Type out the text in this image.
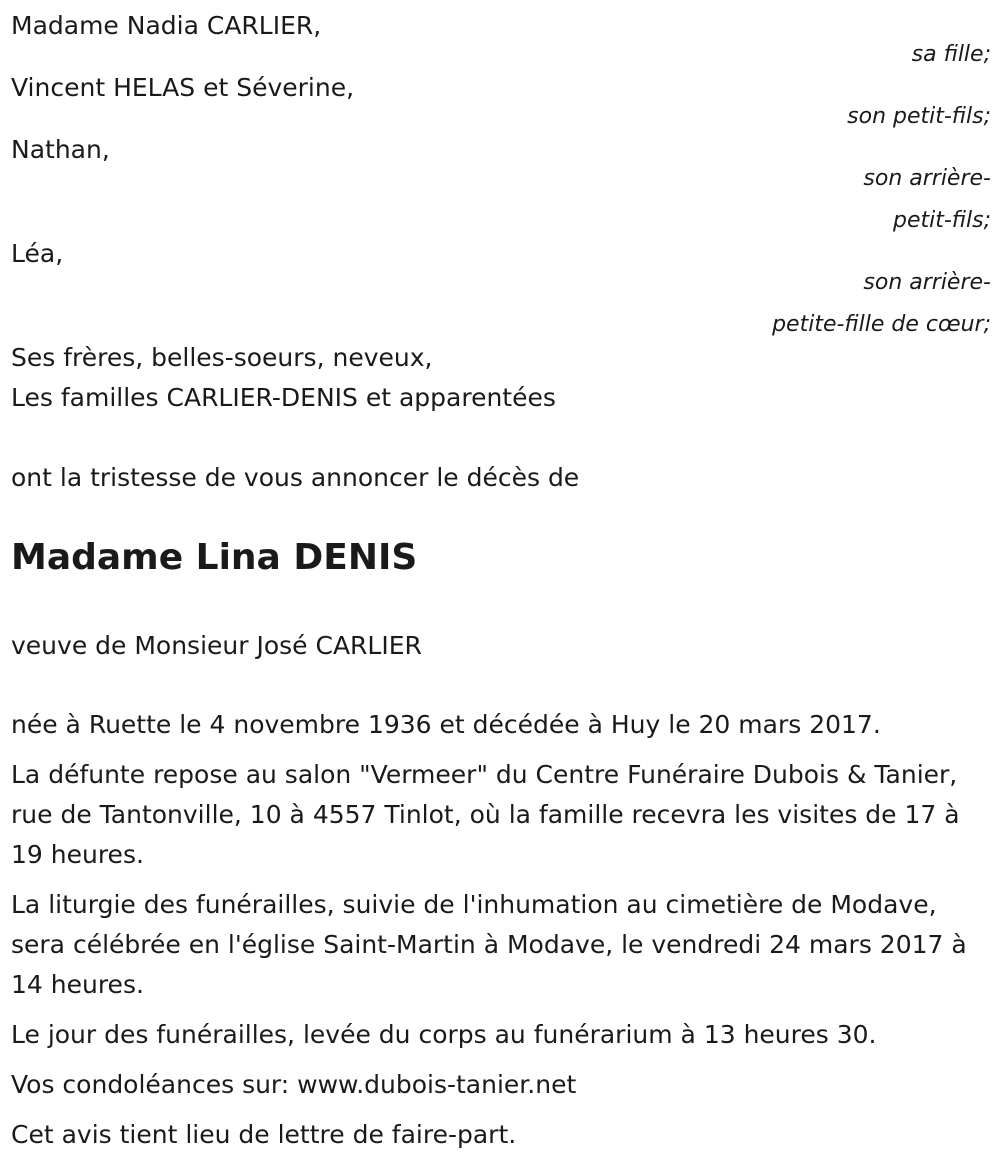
Madame Nadia CARLIER,

sa fille;

Vincent HELAS et Séverine,

son petit-fils;

Nathan,

son arrière-
petit-fils;

Léa,

son arrière-
petite-fille de cœur;

Ses frères, belles-soeurs, neveux,

Les familles CARLIER-DENIS et apparentées

ont la tristesse de vous annoncer le décès de

Madame Lina DENIS

veuve de Monsieur José CARLIER

née à Ruette le 4 novembre 1936 et décédée à Huy le 20 mars 2017.

La défunte repose au salon "Vermeer" du Centre Funéraire Dubois & Tanier, rue de Tantonville, 10 à 4557 Tinlot, où la famille recevra les visites de 17 à 19 heures.

La liturgie des funérailles, suivie de l'inhumation au cimetière de Modave, sera célébrée en l'église Saint-Martin à Modave, le vendredi 24 mars 2017 à 14 heures.

Le jour des funérailles, levée du corps au funérarium à 13 heures 30.

Vos condoléances sur: www.dubois-tanier.net

Cet avis tient lieu de lettre de faire-part.
